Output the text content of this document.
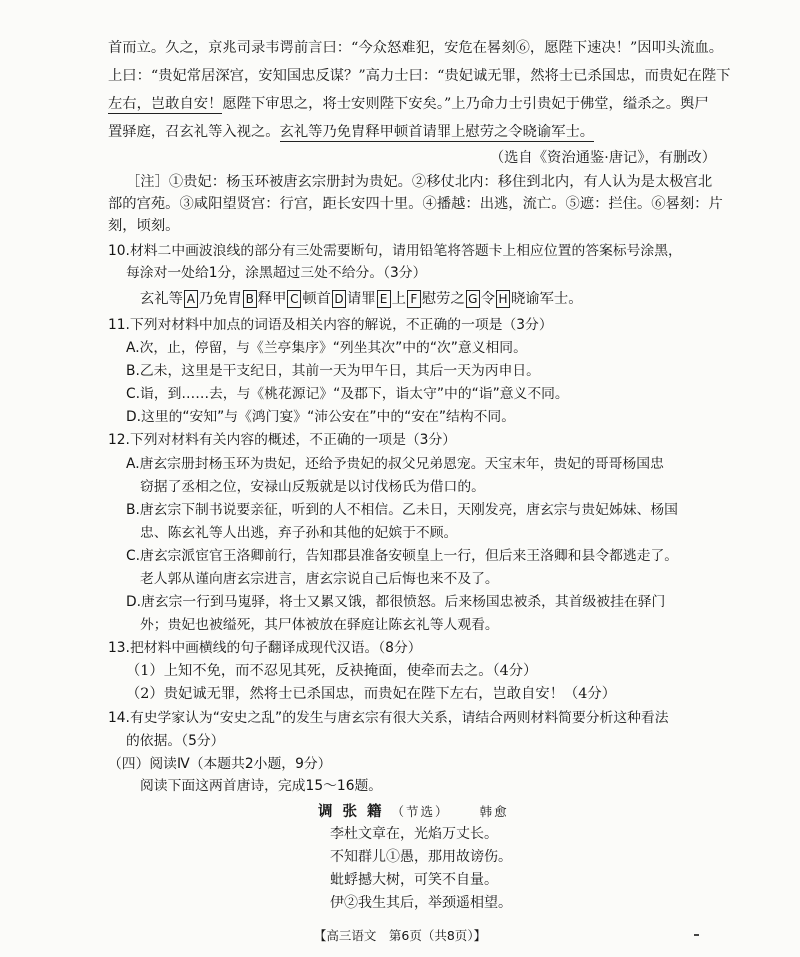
首而立。久之，京兆司录韦谔前言曰：“今众怒难犯，安危在晷刻⑥，愿陛下速决！”因叩头流血。
上曰：“贵妃常居深宫，安知国忠反谋？”高力士曰：“贵妃诚无罪，然将士已杀国忠，而贵妃在陛下
左右，岂敢自安！愿陛下审思之，将士安则陛下安矣。”上乃命力士引贵妃于佛堂，缢杀之。舆尸
置驿庭，召玄礼等入视之。玄礼等乃免胄释甲顿首请罪上慰劳之令晓谕军士。
（选自《资治通鉴·唐记》，有删改）
［注］①贵妃：杨玉环被唐玄宗册封为贵妃。②移仗北内：移住到北内，有人认为是太极宫北
部的宫苑。③咸阳望贤宫：行宫，距长安四十里。④播越：出逃，流亡。⑤遮：拦住。⑥晷刻：片
刻，顷刻。
10.材料二中画波浪线的部分有三处需要断句，请用铅笔将答题卡上相应位置的答案标号涂黑，
每涂对一处给1分，涂黑超过三处不给分。（3分）
玄礼等 A 乃免胄 B 释甲 C 顿首 D 请罪 E 上 F 慰劳之 G 令 H 晓谕军士。
11.下列对材料中加点的词语及相关内容的解说，不正确的一项是（3分）
A.次，止，停留，与《兰亭集序》“列坐其次”中的“次”意义相同。
B.乙未，这里是干支纪日，其前一天为甲午日，其后一天为丙申日。
C.诣，到……去，与《桃花源记》“及郡下，诣太守”中的“诣”意义不同。
D.这里的“安知”与《鸿门宴》“沛公安在”中的“安在”结构不同。
12.下列对材料有关内容的概述，不正确的一项是（3分）
A.唐玄宗册封杨玉环为贵妃，还给予贵妃的叔父兄弟恩宠。天宝末年，贵妃的哥哥杨国忠
窃据了丞相之位，安禄山反叛就是以讨伐杨氏为借口的。
B.唐玄宗下制书说要亲征，听到的人不相信。乙未日，天刚发亮，唐玄宗与贵妃姊妹、杨国
忠、陈玄礼等人出逃，弃子孙和其他的妃嫔于不顾。
C.唐玄宗派宦官王洛卿前行，告知郡县准备安顿皇上一行，但后来王洛卿和县令都逃走了。
老人郭从谨向唐玄宗进言，唐玄宗说自己后悔也来不及了。
D.唐玄宗一行到马嵬驿，将士又累又饿，都很愤怒。后来杨国忠被杀，其首级被挂在驿门
外；贵妃也被缢死，其尸体被放在驿庭让陈玄礼等人观看。
13.把材料中画横线的句子翻译成现代汉语。（8分）
（1）上知不免，而不忍见其死，反袂掩面，使牵而去之。（4分）
（2）贵妃诚无罪，然将士已杀国忠，而贵妃在陛下左右，岂敢自安！（4分）
14.有史学家认为“安史之乱”的发生与唐玄宗有很大关系，请结合两则材料简要分析这种看法
的依据。（5分）
（四）阅读Ⅳ（本题共2小题，9分）
阅读下面这两首唐诗，完成15～16题。
调张籍（节选） 韩愈
李杜文章在，光焰万丈长。
不知群儿①愚，那用故谤伤。
蚍蜉撼大树，可笑不自量。
伊②我生其后，举颈遥相望。
【高三语文　第6页（共8页）】
